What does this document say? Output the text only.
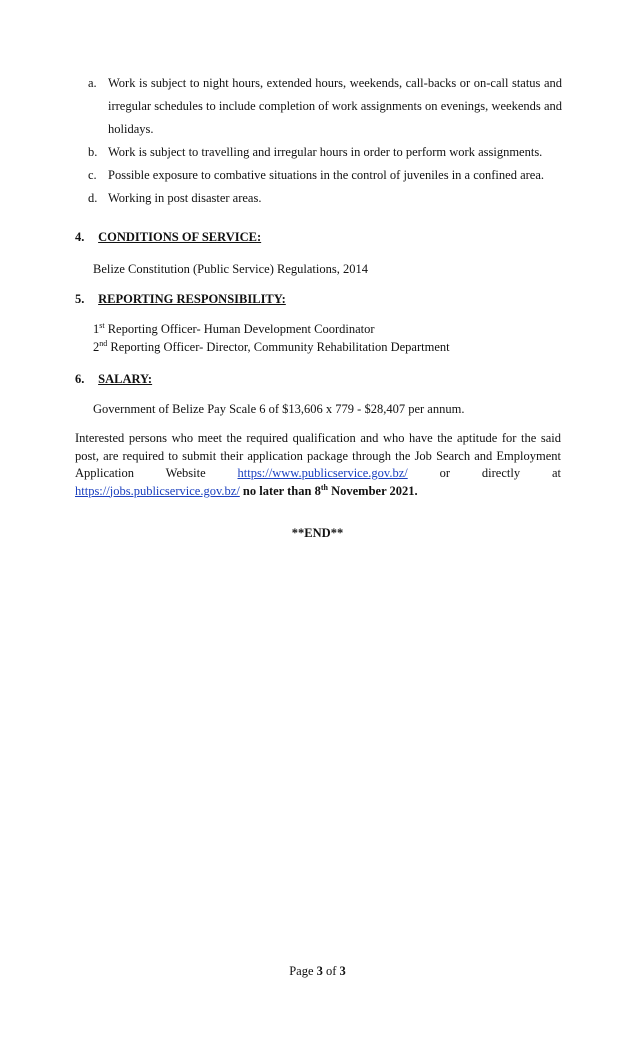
a. Work is subject to night hours, extended hours, weekends, call-backs or on-call status and irregular schedules to include completion of work assignments on evenings, weekends and holidays.
b. Work is subject to travelling and irregular hours in order to perform work assignments.
c. Possible exposure to combative situations in the control of juveniles in a confined area.
d. Working in post disaster areas.
4. CONDITIONS OF SERVICE:
Belize Constitution (Public Service) Regulations, 2014
5. REPORTING RESPONSIBILITY:
1st Reporting Officer- Human Development Coordinator
2nd Reporting Officer- Director, Community Rehabilitation Department
6. SALARY:
Government of Belize Pay Scale 6 of $13,606 x 779 - $28,407 per annum.
Interested persons who meet the required qualification and who have the aptitude for the said post, are required to submit their application package through the Job Search and Employment Application Website https://www.publicservice.gov.bz/ or directly at https://jobs.publicservice.gov.bz/ no later than 8th November 2021.
**END**
Page 3 of 3
